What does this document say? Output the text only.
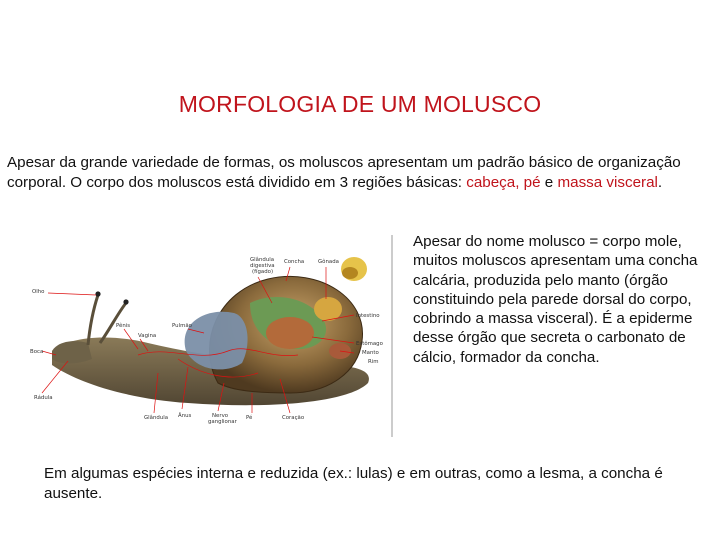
MORFOLOGIA DE UM MOLUSCO
Apesar da grande variedade de formas, os moluscos apresentam um padrão básico de organização corporal. O corpo dos moluscos está dividido em 3 regiões básicas: cabeça, pé e massa visceral.
Olho
Glândula
digestiva
(fígado)
Concha	Gônada
Intestino
Pulmão
Estômago
Manto
Rim
Pênis
Vagina
Boca
Rádula
Ânus	Nervo
ganglionar
Pé	Coração
Glândula
Apesar do nome molusco = corpo mole, muitos moluscos apresentam uma concha calcária, produzida pelo manto (órgão constituindo pela parede dorsal do corpo, cobrindo a massa visceral). É a epiderme desse órgão que secreta o carbonato de cálcio, formador da concha.
Em algumas espécies interna e reduzida (ex.: lulas) e em outras, como a lesma, a concha é ausente.
